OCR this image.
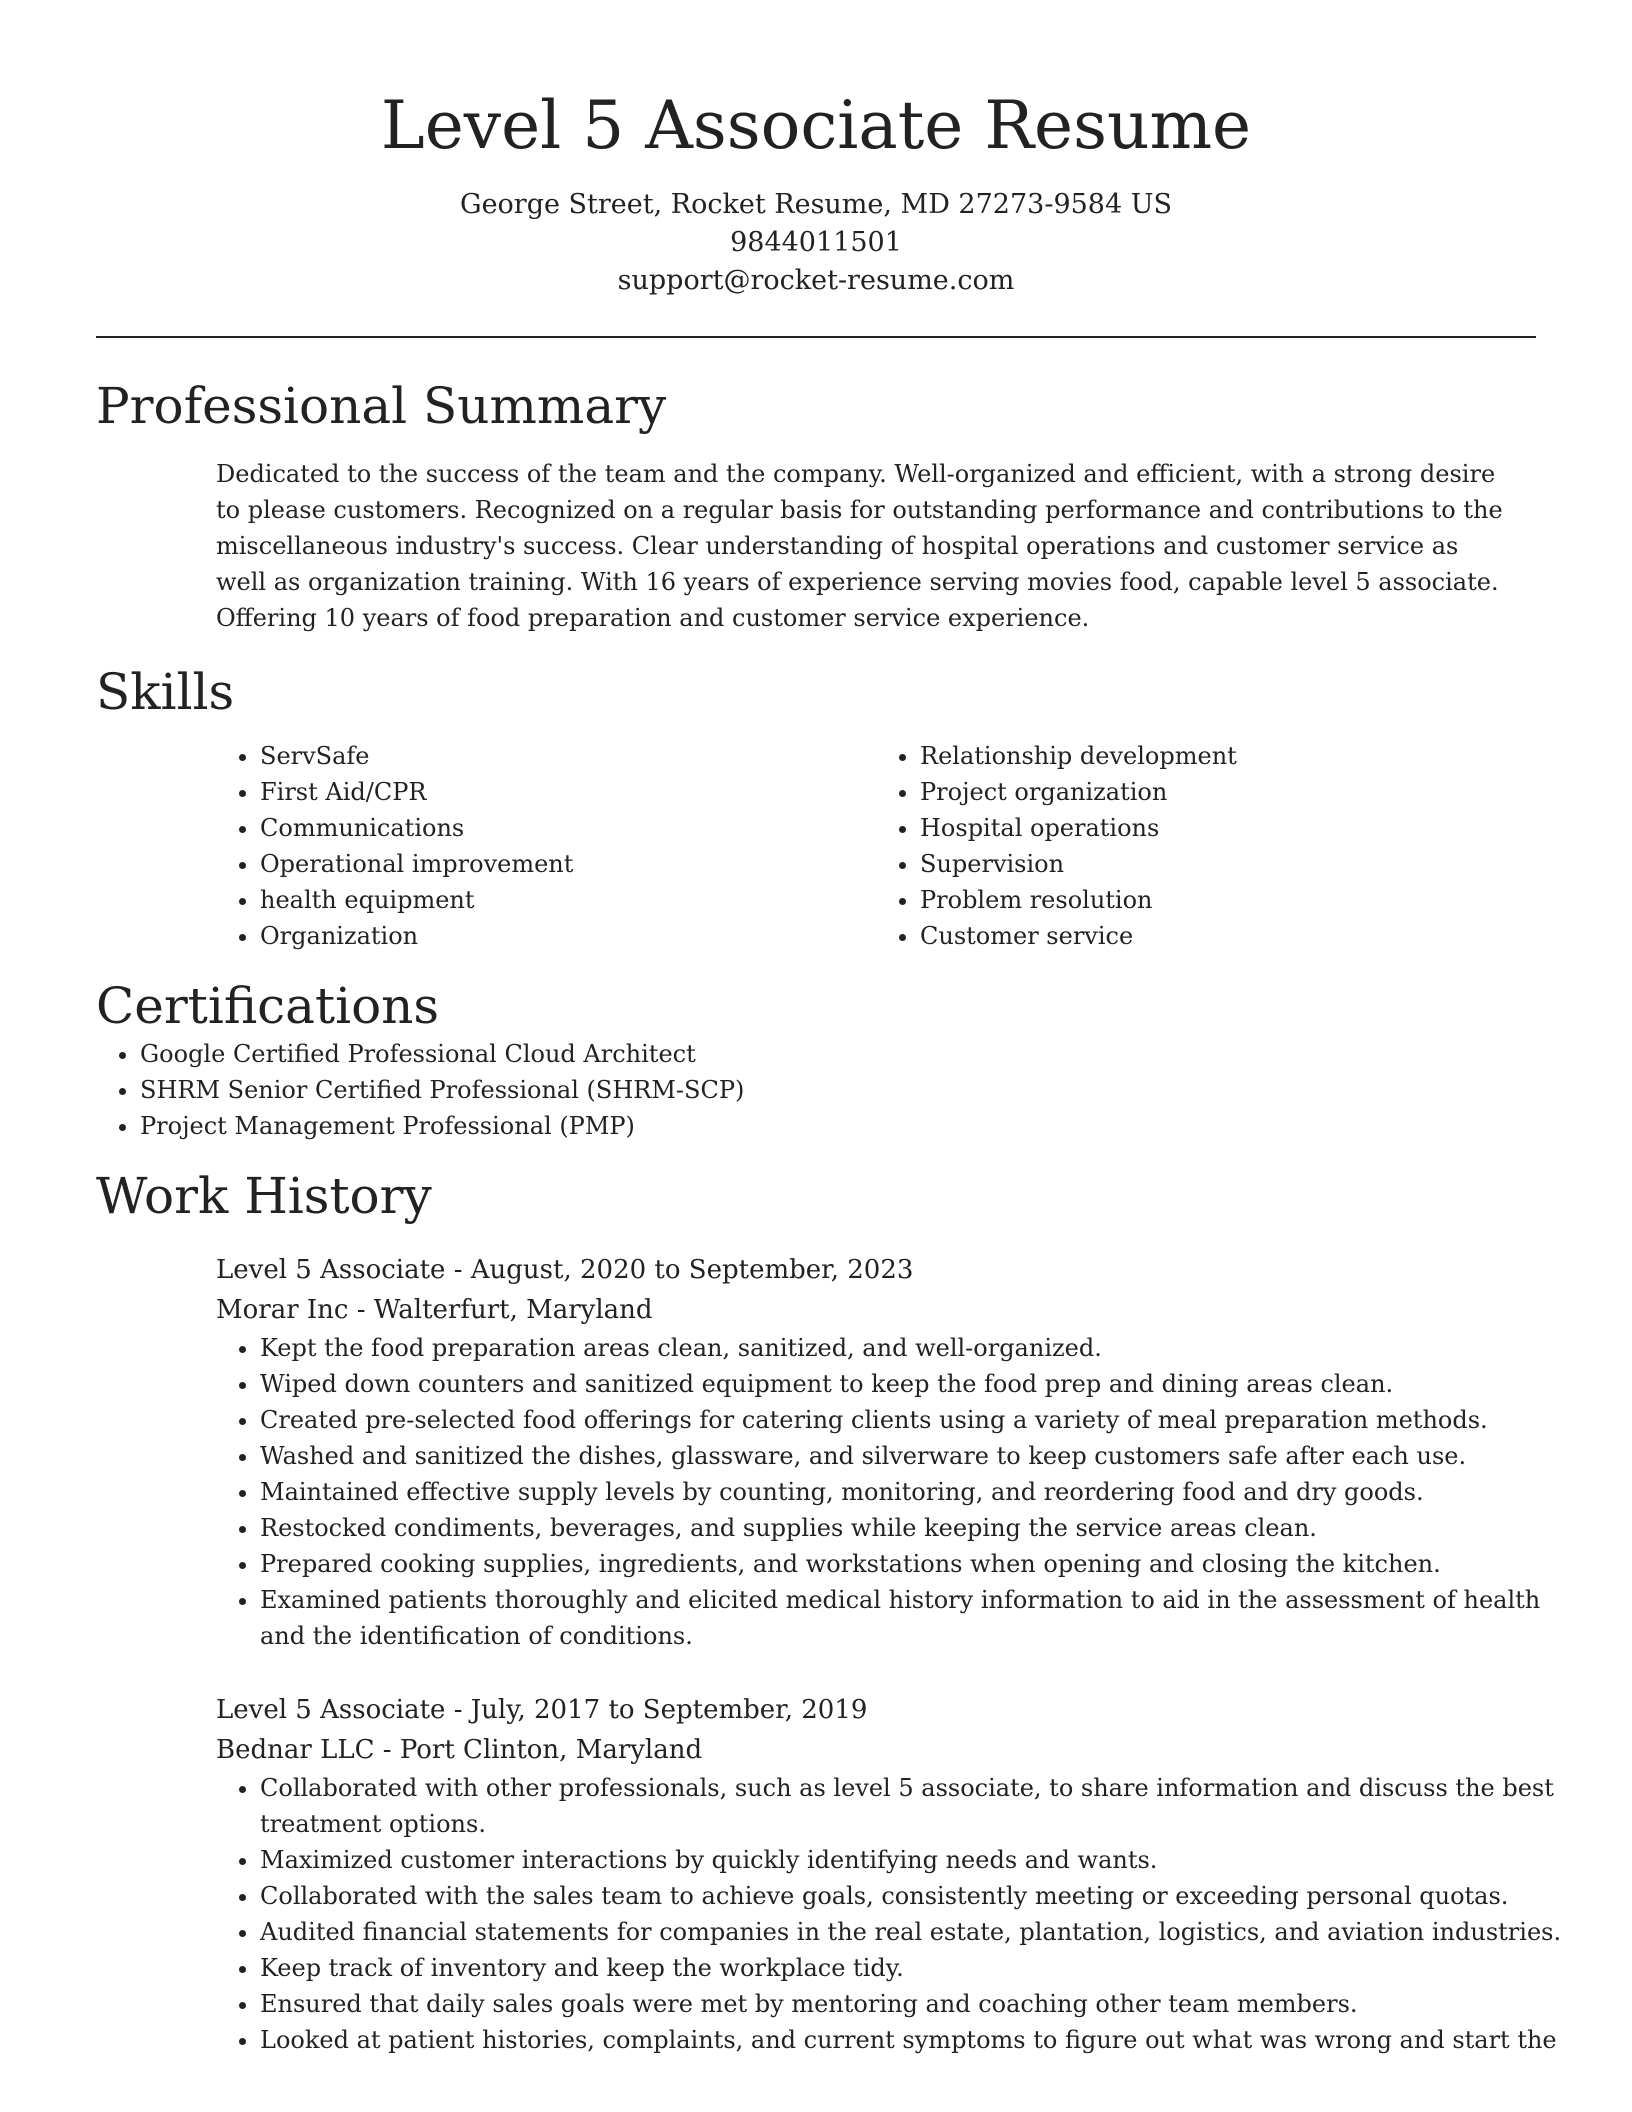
Level 5 Associate Resume
George Street, Rocket Resume, MD 27273-9584 US
9844011501
support@rocket-resume.com
Professional Summary
Dedicated to the success of the team and the company. Well-organized and efficient, with a strong desire to please customers. Recognized on a regular basis for outstanding performance and contributions to the miscellaneous industry's success. Clear understanding of hospital operations and customer service as well as organization training. With 16 years of experience serving movies food, capable level 5 associate. Offering 10 years of food preparation and customer service experience.
Skills
• ServSafe
• First Aid/CPR
• Communications
• Operational improvement
• health equipment
• Organization
• Relationship development
• Project organization
• Hospital operations
• Supervision
• Problem resolution
• Customer service
Certifications
• Google Certified Professional Cloud Architect
• SHRM Senior Certified Professional (SHRM-SCP)
• Project Management Professional (PMP)
Work History
Level 5 Associate - August, 2020 to September, 2023
Morar Inc - Walterfurt, Maryland
• Kept the food preparation areas clean, sanitized, and well-organized.
• Wiped down counters and sanitized equipment to keep the food prep and dining areas clean.
• Created pre-selected food offerings for catering clients using a variety of meal preparation methods.
• Washed and sanitized the dishes, glassware, and silverware to keep customers safe after each use.
• Maintained effective supply levels by counting, monitoring, and reordering food and dry goods.
• Restocked condiments, beverages, and supplies while keeping the service areas clean.
• Prepared cooking supplies, ingredients, and workstations when opening and closing the kitchen.
• Examined patients thoroughly and elicited medical history information to aid in the assessment of health and the identification of conditions.
Level 5 Associate - July, 2017 to September, 2019
Bednar LLC - Port Clinton, Maryland
• Collaborated with other professionals, such as level 5 associate, to share information and discuss the best treatment options.
• Maximized customer interactions by quickly identifying needs and wants.
• Collaborated with the sales team to achieve goals, consistently meeting or exceeding personal quotas.
• Audited financial statements for companies in the real estate, plantation, logistics, and aviation industries.
• Keep track of inventory and keep the workplace tidy.
• Ensured that daily sales goals were met by mentoring and coaching other team members.
• Looked at patient histories, complaints, and current symptoms to figure out what was wrong and start the
